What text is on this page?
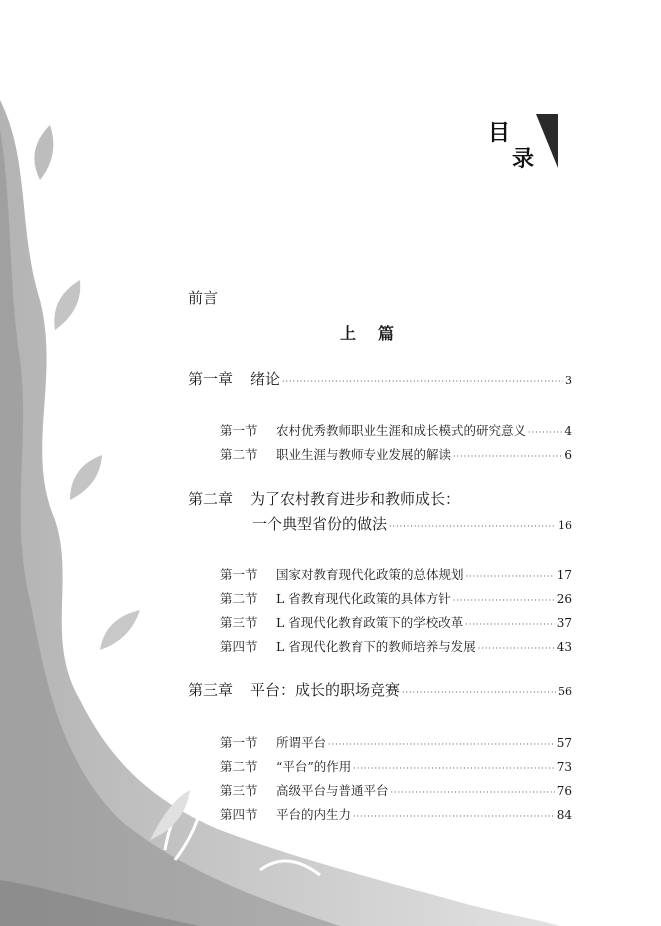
目
录
前言
上篇
第一章	绪论 ·····	3
第一节	农村优秀教师职业生涯和成长模式的研究意义 ·····	4
第二节	职业生涯与教师专业发展的解读 ·····	6
第二章 为了农村教育进步和教师成长：
一个典型省份的做法 ·····	16
第一节	国家对教育现代化政策的总体规划 ·····	17
第二节	L 省教育现代化政策的具体方针 ·····	26
第三节	L 省现代化教育政策下的学校改革 ·····	37
第四节	L 省现代化教育下的教师培养与发展 ·····	43
第三章	平台：成长的职场竞赛 ·····	56
第一节	所谓平台 ·····	57
第二节	“平台”的作用 ·····	73
第三节	高级平台与普通平台 ·····	76
第四节	平台的内生力 ·····	84
